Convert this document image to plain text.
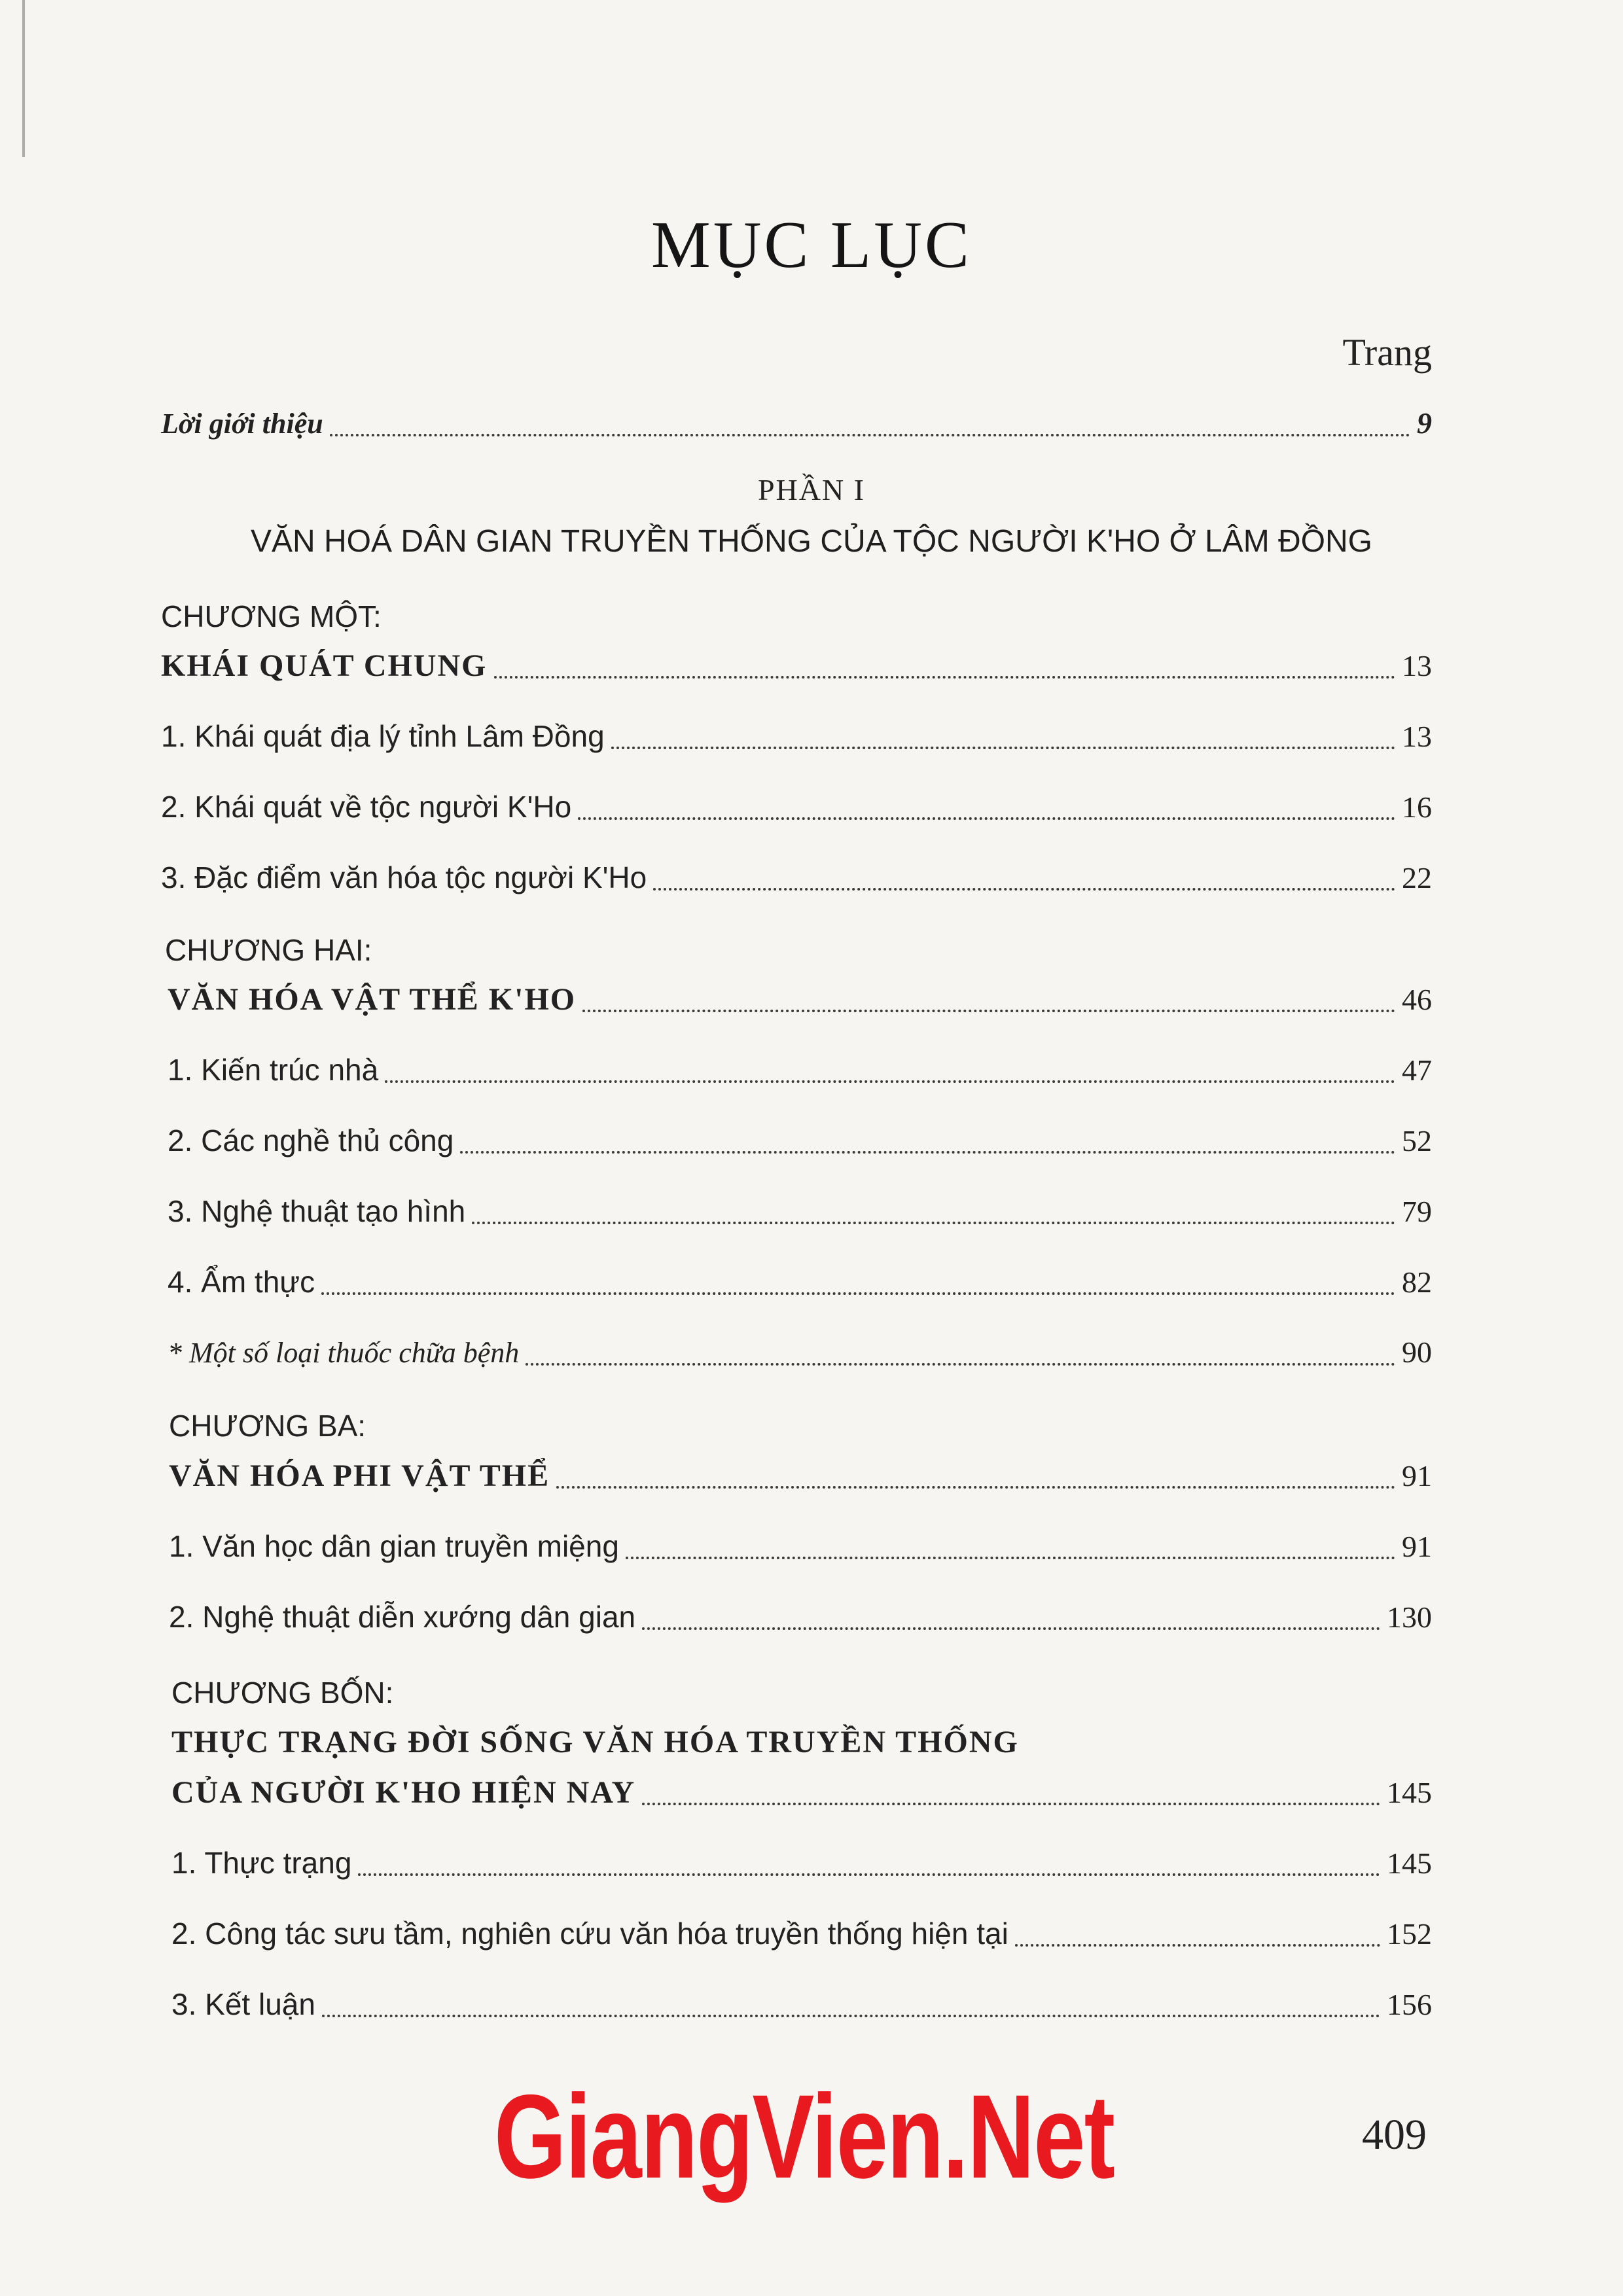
MỤC LỤC
Trang
Lời giới thiệu	9
PHẦN I
VĂN HOÁ DÂN GIAN TRUYỀN THỐNG CỦA TỘC NGƯỜI K'HO Ở LÂM ĐỒNG
CHƯƠNG MỘT:
KHÁI QUÁT CHUNG	13
1. Khái quát địa lý tỉnh Lâm Đồng	13
2. Khái quát về tộc người K'Ho	16
3. Đặc điểm văn hóa tộc người K'Ho	22
CHƯƠNG HAI:
VĂN HÓA VẬT THỂ K'HO	46
1. Kiến trúc nhà	47
2. Các nghề thủ công	52
3. Nghệ thuật tạo hình	79
4. Ẩm thực	82
* Một số loại thuốc chữa bệnh	90
CHƯƠNG BA:
VĂN HÓA PHI VẬT THỂ	91
1. Văn học dân gian truyền miệng	91
2. Nghệ thuật diễn xướng dân gian	130
CHƯƠNG BỐN:
THỰC TRẠNG ĐỜI SỐNG VĂN HÓA TRUYỀN THỐNG
CỦA NGƯỜI K'HO HIỆN NAY	145
1. Thực trạng	145
2. Công tác sưu tầm, nghiên cứu văn hóa truyền thống hiện tại	152
3. Kết luận	156
GiangVien.Net	409
